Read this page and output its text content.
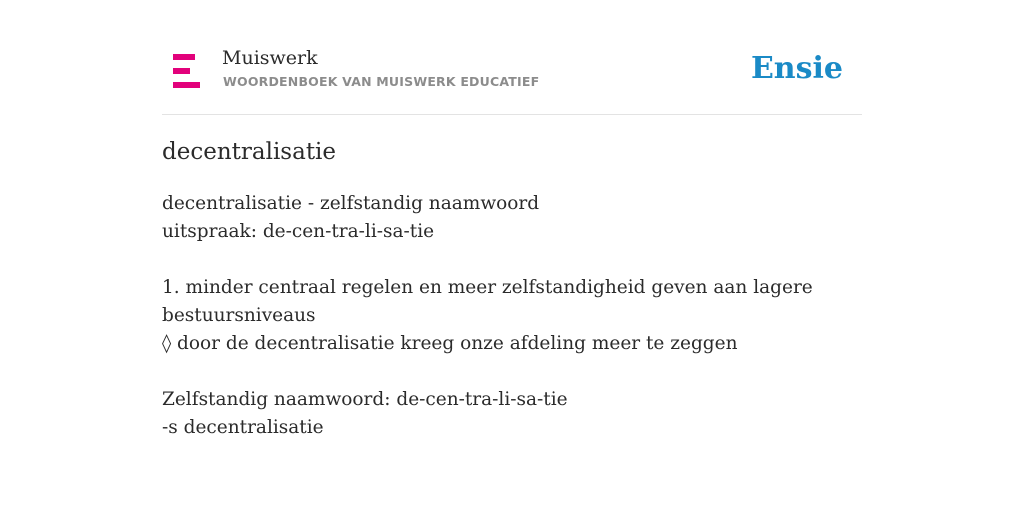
Muiswerk
WOORDENBOEK VAN MUISWERK EDUCATIEF	Ensie
decentralisatie

decentralisatie - zelfstandig naamwoord

uitspraak: de-cen-tra-li-sa-tie

1. minder centraal regelen en meer zelfstandigheid geven aan lagere bestuursniveaus

◊ door de decentralisatie kreeg onze afdeling meer te zeggen

Zelfstandig naamwoord: de-cen-tra-li-sa-tie

-s decentralisatie
